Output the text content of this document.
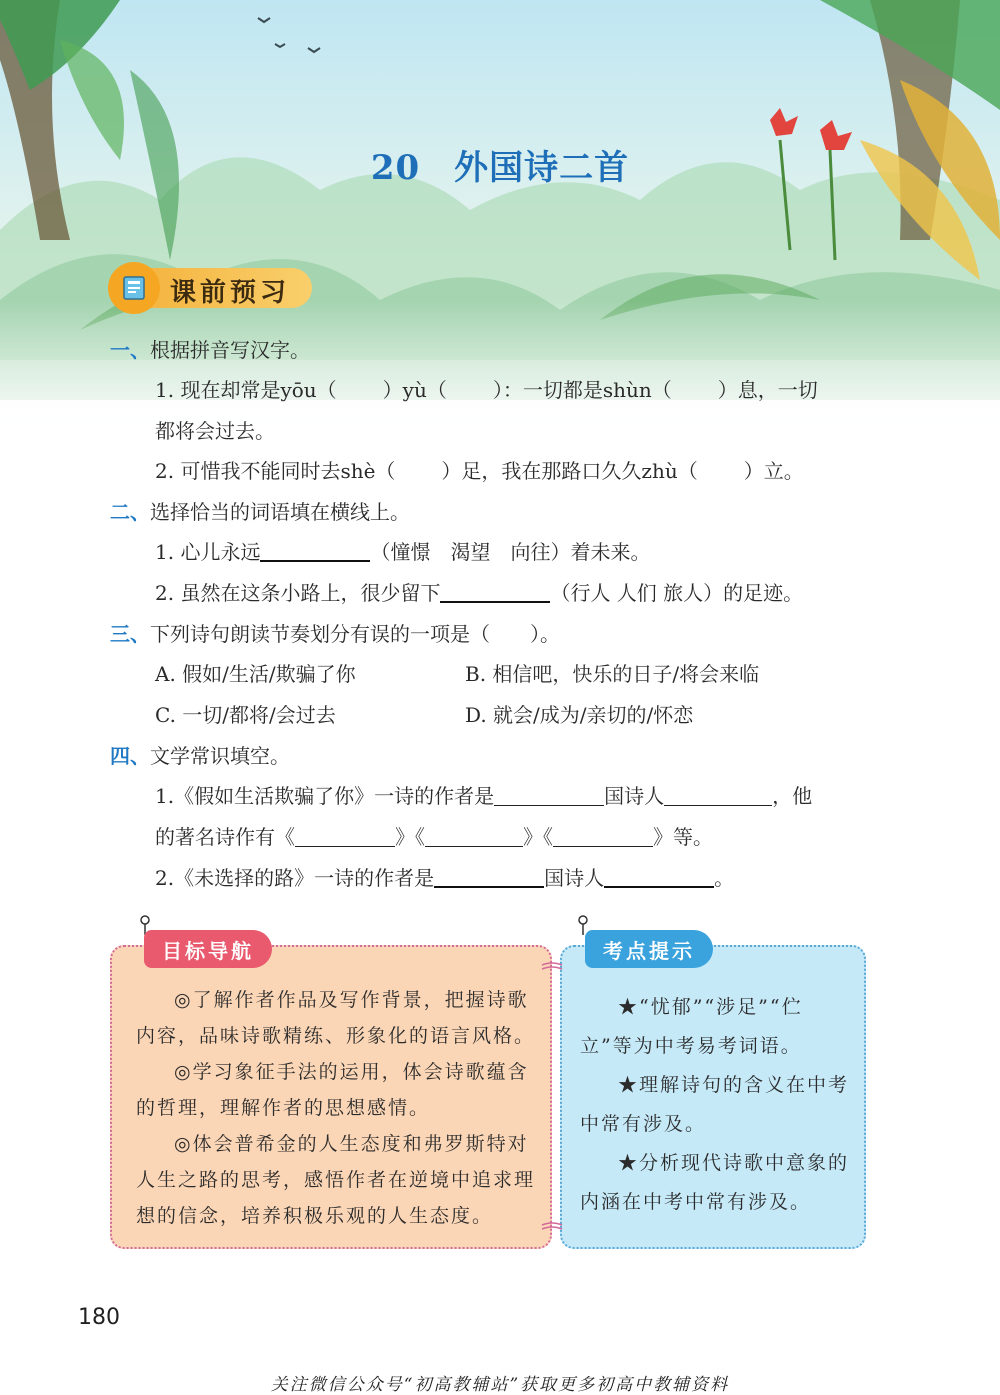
20 外国诗二首
课前预习
一、根据拼音写汉字。
1. 现在却常是yōu（ ）yù（ ）：一切都是shùn（ ）息，一切
都将会过去。
2. 可惜我不能同时去shè（ ）足，我在那路口久久zhù（ ）立。
二、选择恰当的词语填在横线上。
1. 心儿永远	（憧憬　渴望　向往）着未来。
2. 虽然在这条小路上，很少留下	（行人 人们 旅人）的足迹。
三、下列诗句朗读节奏划分有误的一项是（　　）。
A. 假如/生活/欺骗了你	B. 相信吧，快乐的日子/将会来临
C. 一切/都将/会过去	D. 就会/成为/亲切的/怀恋
四、文学常识填空。
1.《假如生活欺骗了你》一诗的作者是	国诗人	，他
的著名诗作有《	》《	》《	》等。
2.《未选择的路》一诗的作者是	国诗人	。
目标导航
◎了解作者作品及写作背景，把握诗歌
内容，品味诗歌精练、形象化的语言风格。
◎学习象征手法的运用，体会诗歌蕴含
的哲理，理解作者的思想感情。
◎体会普希金的人生态度和弗罗斯特对
人生之路的思考，感悟作者在逆境中追求理
想的信念，培养积极乐观的人生态度。
考点提示
★“忧郁”“涉足”“伫
立”等为中考易考词语。
★理解诗句的含义在中考
中常有涉及。
★分析现代诗歌中意象的
内涵在中考中常有涉及。
180
关注微信公众号“初高教辅站”获取更多初高中教辅资料
